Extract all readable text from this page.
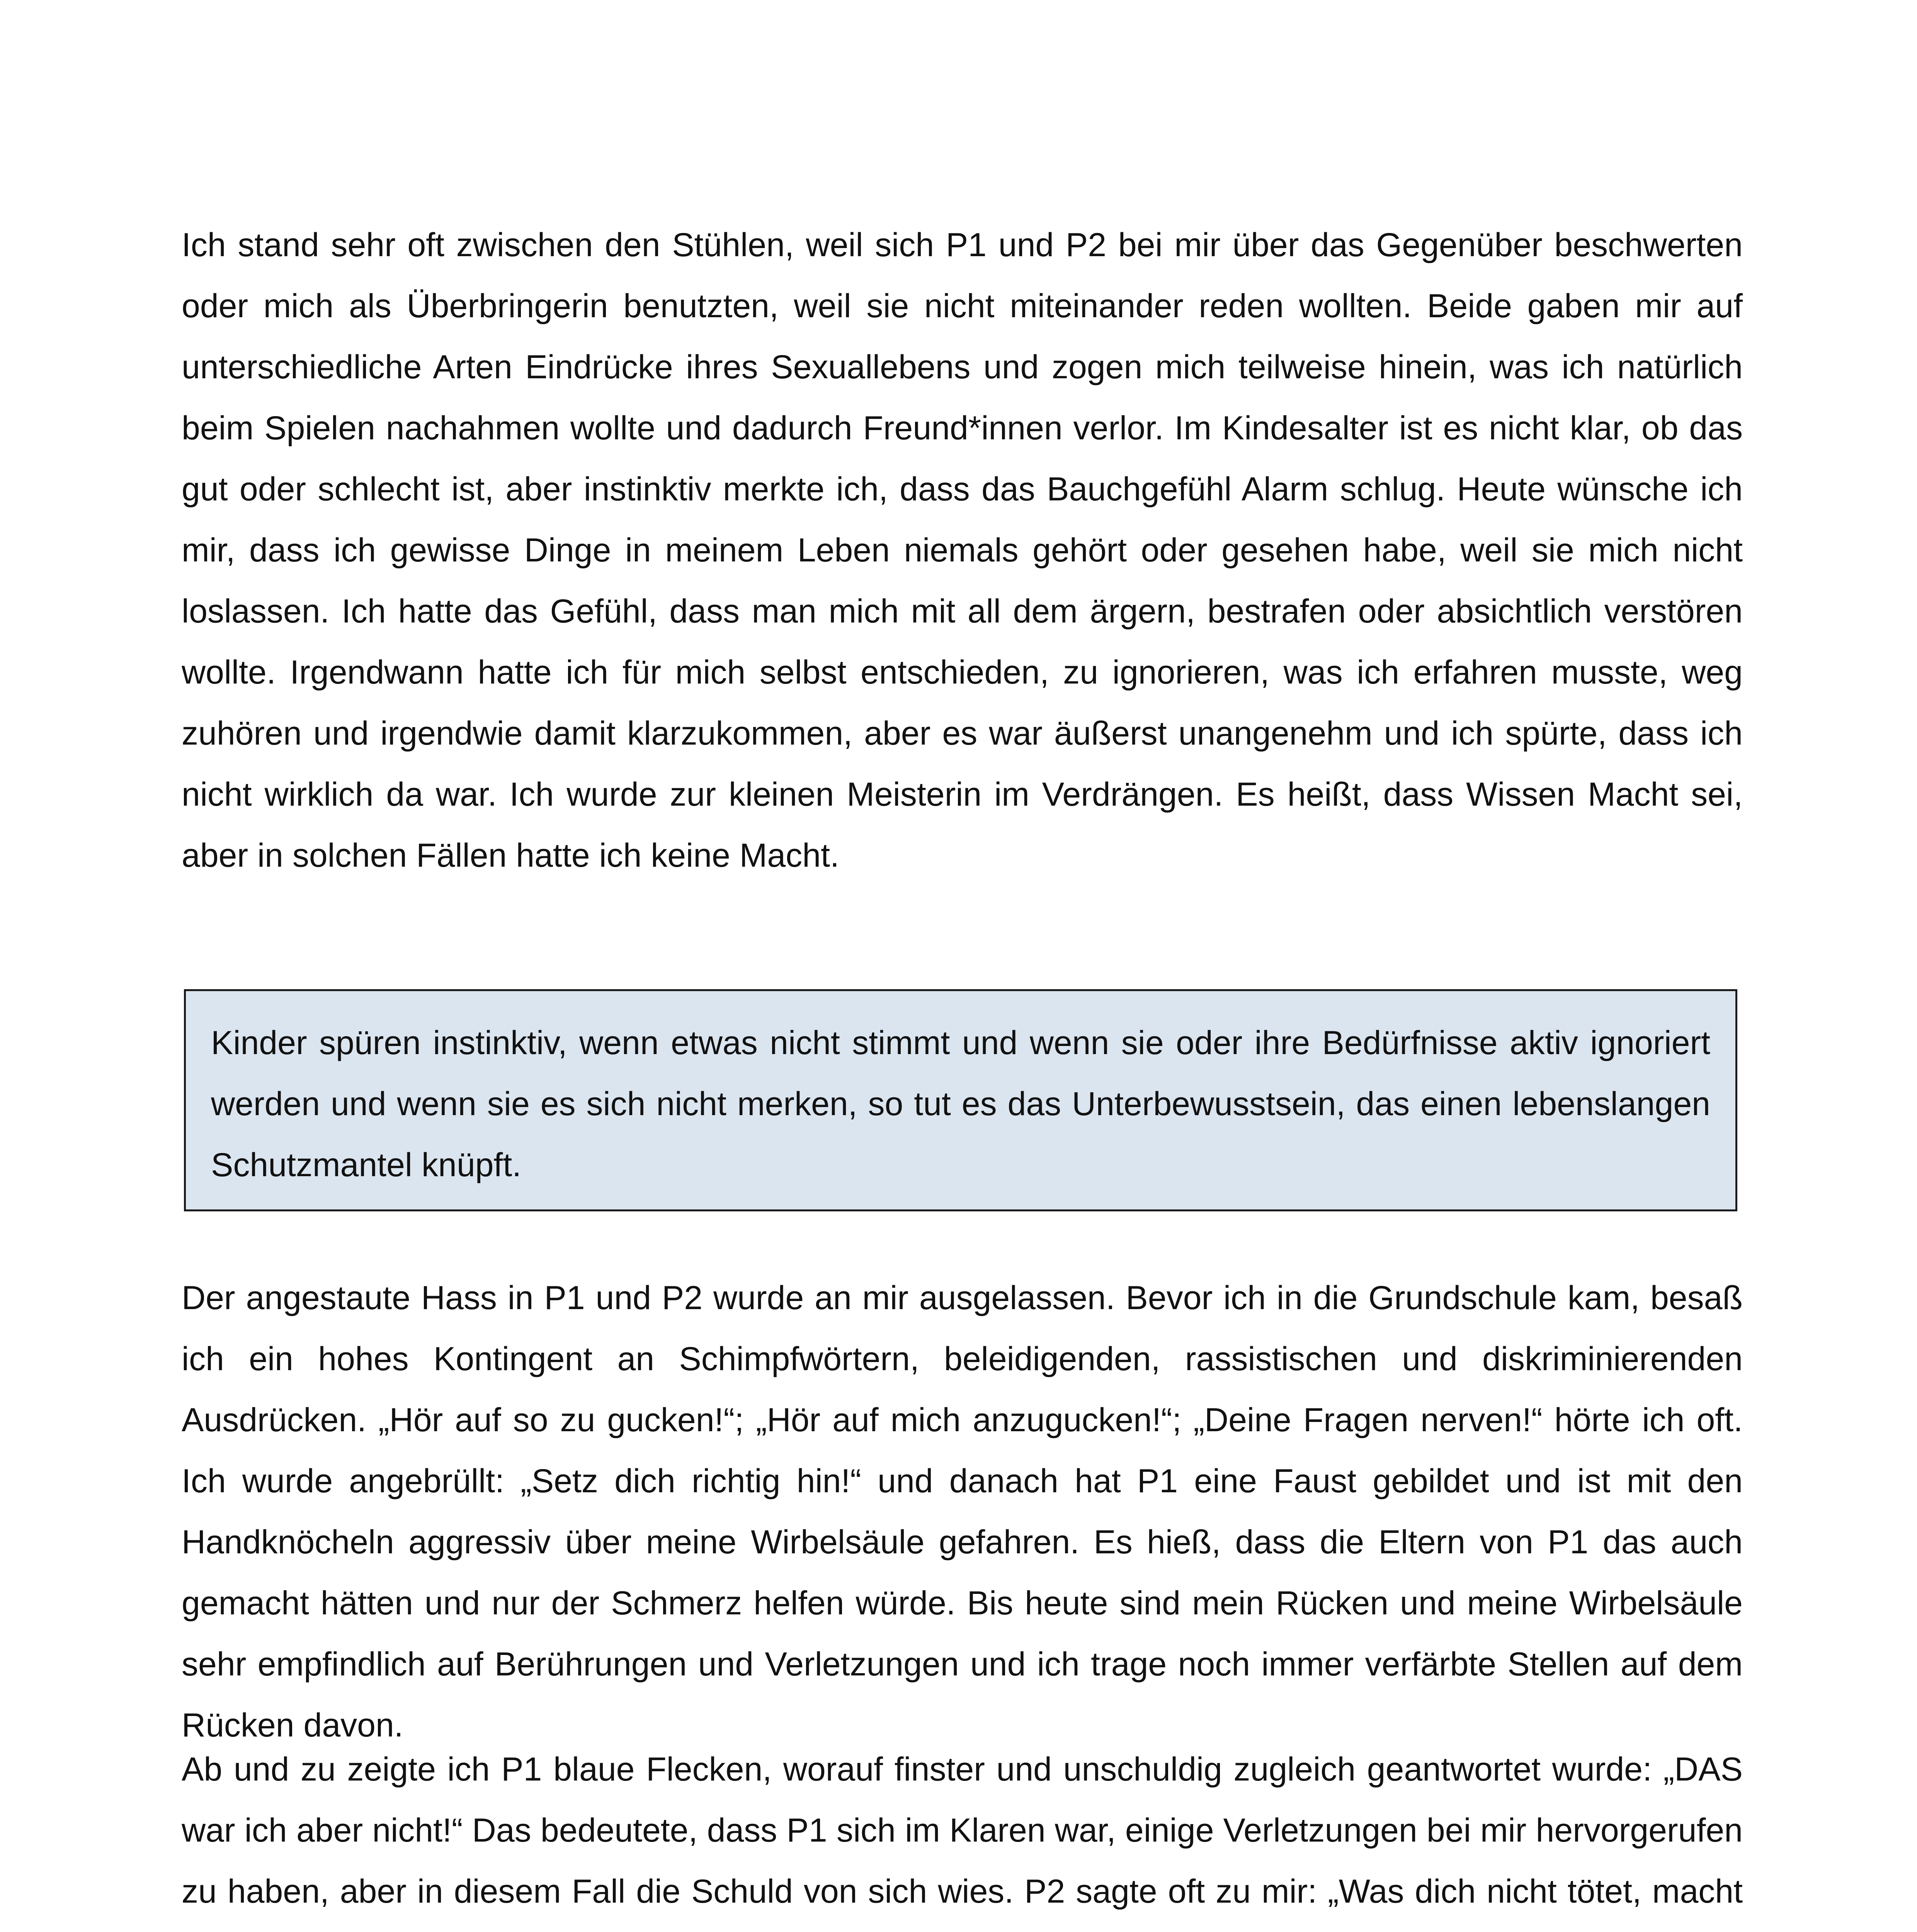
Ich stand sehr oft zwischen den Stühlen, weil sich P1 und P2 bei mir über das Gegenüber beschwerten oder mich als Überbringerin benutzten, weil sie nicht miteinander reden wollten. Beide gaben mir auf unterschiedliche Arten Eindrücke ihres Sexuallebens und zogen mich teilweise hinein, was ich natürlich beim Spielen nachahmen wollte und dadurch Freund*innen verlor. Im Kindesalter ist es nicht klar, ob das gut oder schlecht ist, aber instinktiv merkte ich, dass das Bauchgefühl Alarm schlug. Heute wünsche ich mir, dass ich gewisse Dinge in meinem Leben niemals gehört oder gesehen habe, weil sie mich nicht loslassen. Ich hatte das Gefühl, dass man mich mit all dem ärgern, bestrafen oder absichtlich verstören wollte. Irgendwann hatte ich für mich selbst entschieden, zu ignorieren, was ich erfahren musste, weg zuhören und irgendwie damit klarzukommen, aber es war äußerst unangenehm und ich spürte, dass ich nicht wirklich da war. Ich wurde zur kleinen Meisterin im Verdrängen. Es heißt, dass Wissen Macht sei, aber in solchen Fällen hatte ich keine Macht.

Kinder spüren instinktiv, wenn etwas nicht stimmt und wenn sie oder ihre Bedürfnisse aktiv ignoriert werden und wenn sie es sich nicht merken, so tut es das Unterbewusstsein, das einen lebenslangen Schutzmantel knüpft.

Der angestaute Hass in P1 und P2 wurde an mir ausgelassen. Bevor ich in die Grundschule kam, besaß ich ein hohes Kontingent an Schimpfwörtern, beleidigenden, rassistischen und diskriminierenden Ausdrücken. „Hör auf so zu gucken!“; „Hör auf mich anzugucken!“; „Deine Fragen nerven!“ hörte ich oft. Ich wurde angebrüllt: „Setz dich richtig hin!“ und danach hat P1 eine Faust gebildet und ist mit den Handknöcheln aggressiv über meine Wirbelsäule gefahren. Es hieß, dass die Eltern von P1 das auch gemacht hätten und nur der Schmerz helfen würde. Bis heute sind mein Rücken und meine Wirbelsäule sehr empfindlich auf Berührungen und Verletzungen und ich trage noch immer verfärbte Stellen auf dem Rücken davon.

Ab und zu zeigte ich P1 blaue Flecken, worauf finster und unschuldig zugleich geantwortet wurde: „DAS war ich aber nicht!“ Das bedeutete, dass P1 sich im Klaren war, einige Verletzungen bei mir hervorgerufen zu haben, aber in diesem Fall die Schuld von sich wies. P2 sagte oft zu mir: „Was dich nicht tötet, macht
